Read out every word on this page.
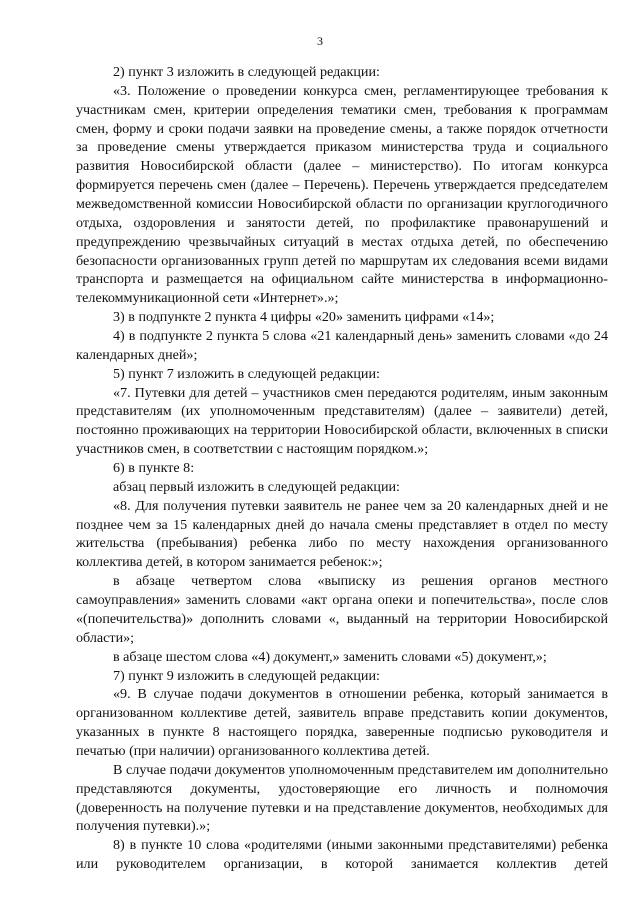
3

2) пункт 3 изложить в следующей редакции:

«3. Положение о проведении конкурса смен, регламентирующее требования к участникам смен, критерии определения тематики смен, требования к программам смен, форму и сроки подачи заявки на проведение смены, а также порядок отчетности за проведение смены утверждается приказом министерства труда и социального развития Новосибирской области (далее – министерство). По итогам конкурса формируется перечень смен (далее – Перечень). Перечень утверждается председателем межведомственной комиссии Новосибирской области по организации круглогодичного отдыха, оздоровления и занятости детей, по профилактике правонарушений и предупреждению чрезвычайных ситуаций в местах отдыха детей, по обеспечению безопасности организованных групп детей по маршрутам их следования всеми видами транспорта и размещается на официальном сайте министерства в информационно-телекоммуникационной сети «Интернет».»;

3) в подпункте 2 пункта 4 цифры «20» заменить цифрами «14»;

4) в подпункте 2 пункта 5 слова «21 календарный день» заменить словами «до 24 календарных дней»;

5) пункт 7 изложить в следующей редакции:

«7. Путевки для детей – участников смен передаются родителям, иным законным представителям (их уполномоченным представителям) (далее – заявители) детей, постоянно проживающих на территории Новосибирской области, включенных в списки участников смен, в соответствии с настоящим порядком.»;

6) в пункте 8:

абзац первый изложить в следующей редакции:

«8. Для получения путевки заявитель не ранее чем за 20 календарных дней и не позднее чем за 15 календарных дней до начала смены представляет в отдел по месту жительства (пребывания) ребенка либо по месту нахождения организованного коллектива детей, в котором занимается ребенок:»;

в абзаце четвертом слова «выписку из решения органов местного самоуправления» заменить словами «акт органа опеки и попечительства», после слов «(попечительства)» дополнить словами «, выданный на территории Новосибирской области»;

в абзаце шестом слова «4) документ,» заменить словами «5) документ,»;

7) пункт 9 изложить в следующей редакции:

«9. В случае подачи документов в отношении ребенка, который занимается в организованном коллективе детей, заявитель вправе представить копии документов, указанных в пункте 8 настоящего порядка, заверенные подписью руководителя и печатью (при наличии) организованного коллектива детей.

В случае подачи документов уполномоченным представителем им дополнительно представляются документы, удостоверяющие его личность и полномочия (доверенность на получение путевки и на представление документов, необходимых для получения путевки).»;

8) в пункте 10 слова «родителями (иными законными представителями) ребенка или руководителем организации, в которой занимается коллектив детей
